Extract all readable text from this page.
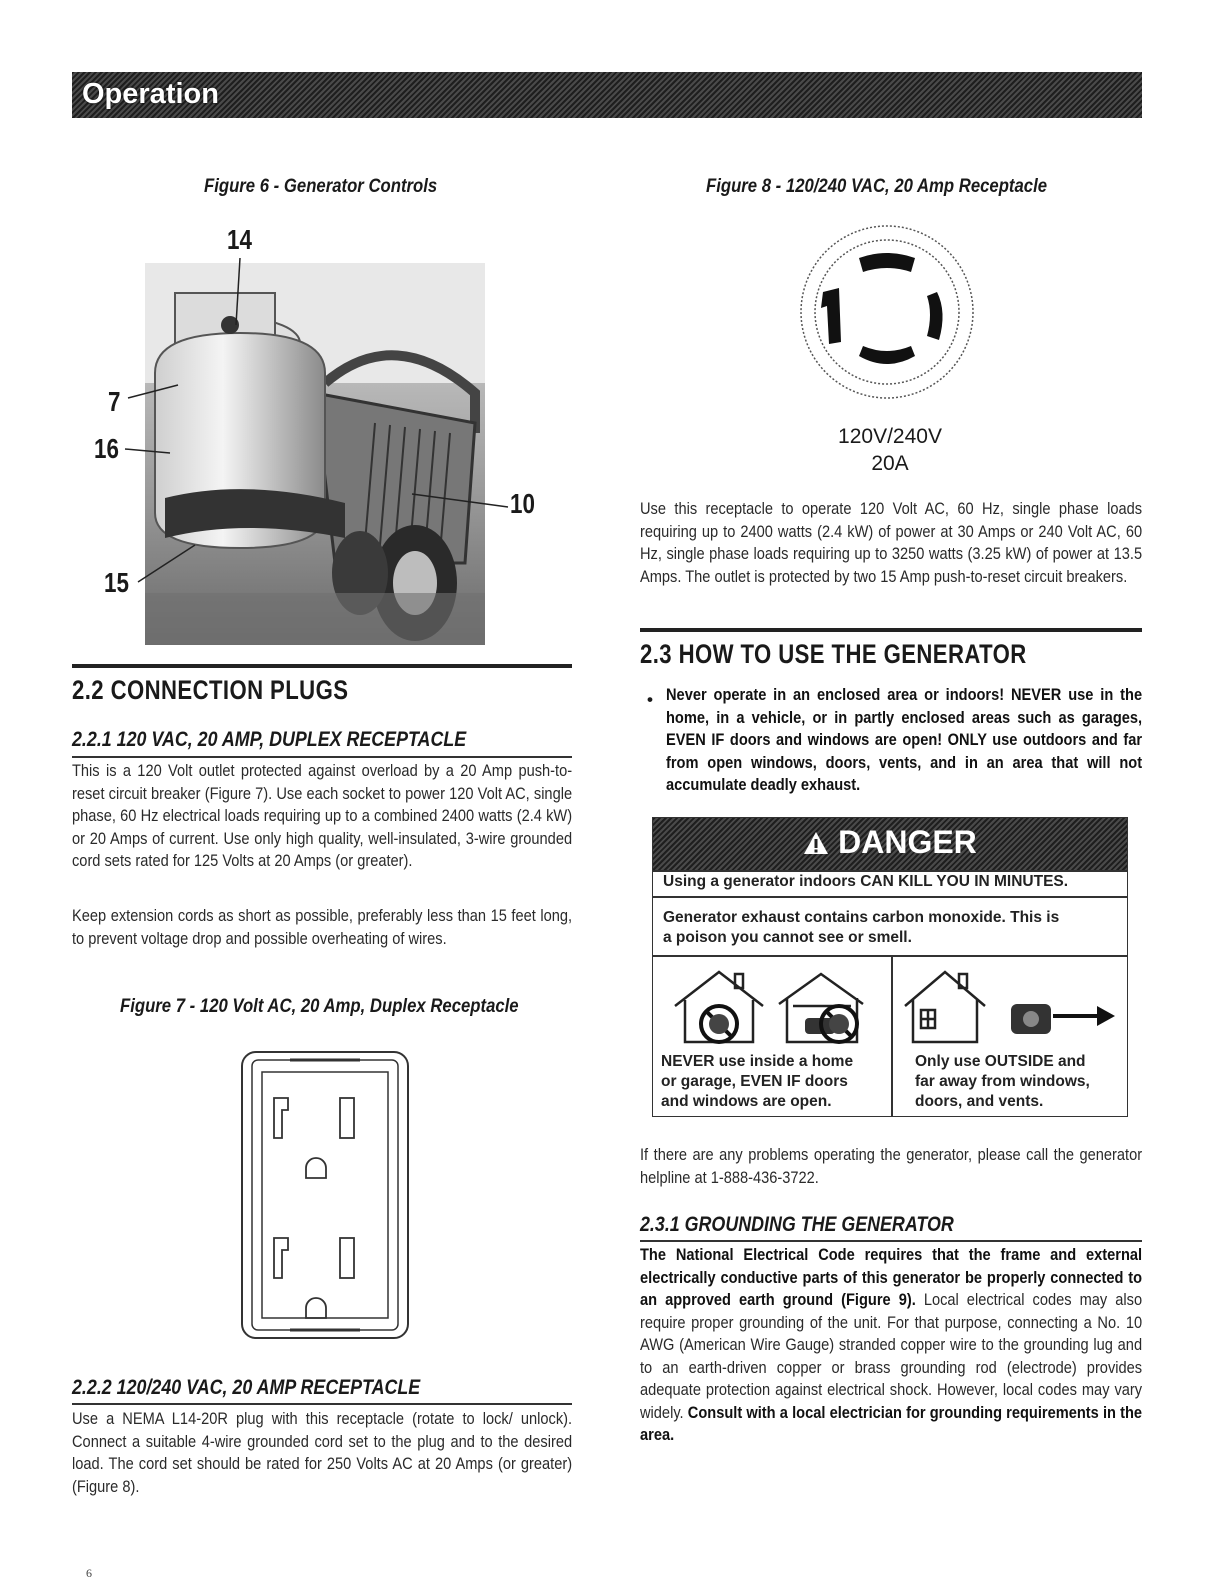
Operation
Figure 6 - Generator Controls
14
7
16
10
15
2.2 CONNECTION PLUGS
2.2.1 120 VAC, 20 AMP, DUPLEX RECEPTACLE
This is a 120 Volt outlet protected against overload by a 20 Amp push-to-reset circuit breaker (Figure 7). Use each socket to power 120 Volt AC, single phase, 60 Hz electrical loads requiring up to a combined 2400 watts (2.4 kW) or 20 Amps of current. Use only high quality, well-insulated, 3-wire grounded cord sets rated for 125 Volts at 20 Amps (or greater).
Keep extension cords as short as possible, preferably less than 15 feet long, to prevent voltage drop and possible overheating of wires.
Figure 7 - 120 Volt AC, 20 Amp, Duplex Receptacle
2.2.2 120/240 VAC, 20 AMP RECEPTACLE
Use a NEMA L14-20R plug with this receptacle (rotate to lock/ unlock). Connect a suitable 4-wire grounded cord set to the plug and to the desired load. The cord set should be rated for 250 Volts AC at 20 Amps (or greater) (Figure 8).
Figure 8 - 120/240 VAC, 20 Amp Receptacle
120V/240V
20A
Use this receptacle to operate 120 Volt AC, 60 Hz, single phase loads requiring up to 2400 watts (2.4 kW) of power at 30 Amps or 240 Volt AC, 60 Hz, single phase loads requiring up to 3250 watts (3.25 kW) of power at 13.5 Amps. The outlet is protected by two 15 Amp push-to-reset circuit breakers.
2.3 HOW TO USE THE GENERATOR
• Never operate in an enclosed area or indoors! NEVER use in the home, in a vehicle, or in partly enclosed areas such as garages, EVEN IF doors and windows are open! ONLY use outdoors and far from open windows, doors, vents, and in an area that will not accumulate deadly exhaust.
DANGER
Using a generator indoors CAN KILL YOU IN MINUTES.
Generator exhaust contains carbon monoxide. This is
a poison you cannot see or smell.
NEVER use inside a home
or garage, EVEN IF doors
and windows are open.
Only use OUTSIDE and
far away from windows,
doors, and vents.
If there are any problems operating the generator, please call the generator helpline at 1-888-436-3722.
2.3.1 GROUNDING THE GENERATOR
The National Electrical Code requires that the frame and external electrically conductive parts of this generator be properly connected to an approved earth ground (Figure 9). Local electrical codes may also require proper grounding of the unit. For that purpose, connecting a No. 10 AWG (American Wire Gauge) stranded copper wire to the grounding lug and to an earth-driven copper or brass grounding rod (electrode) provides adequate protection against electrical shock. However, local codes may vary widely. Consult with a local electrician for grounding requirements in the area.
6
